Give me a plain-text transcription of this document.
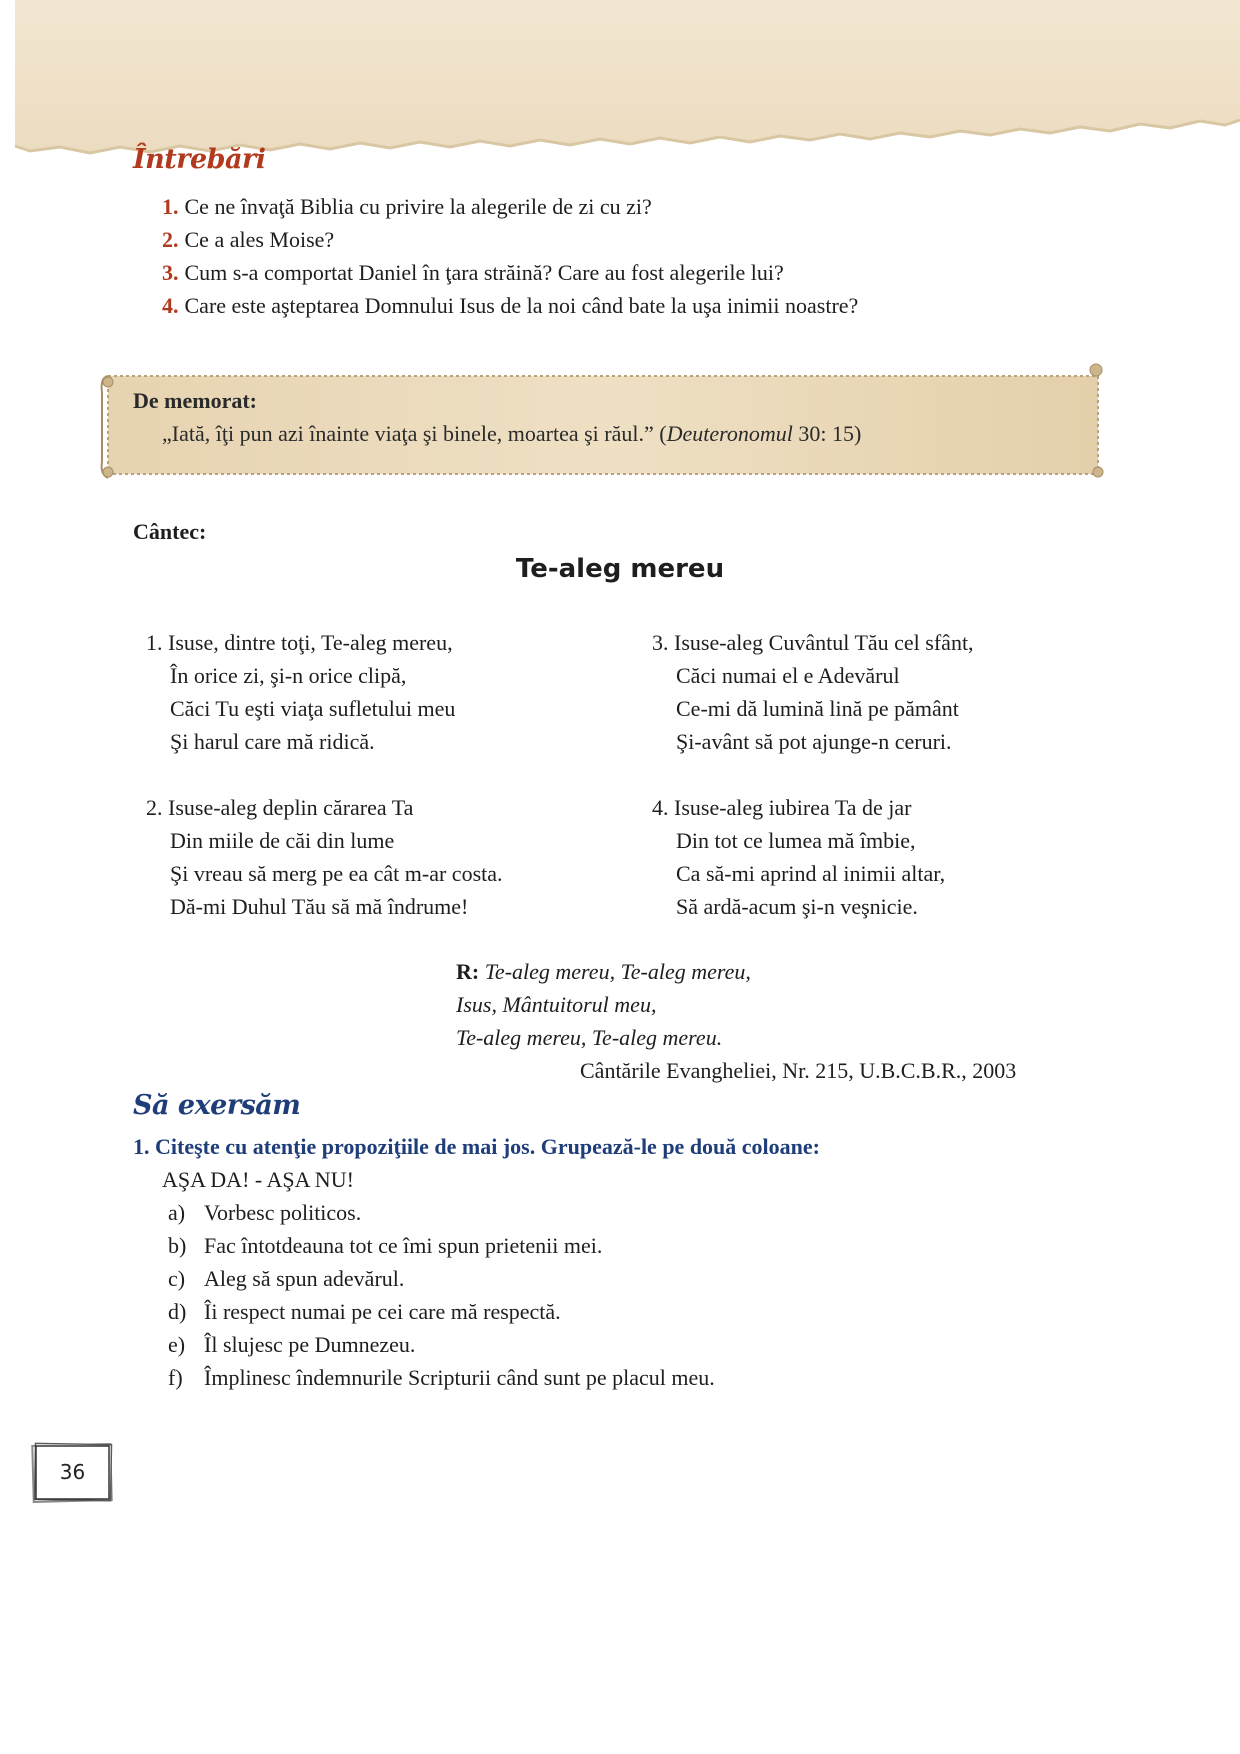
Întrebări
1. Ce ne învaţă Biblia cu privire la alegerile de zi cu zi?
2. Ce a ales Moise?
3. Cum s-a comportat Daniel în ţara străină? Care au fost alegerile lui?
4. Care este aşteptarea Domnului Isus de la noi când bate la uşa inimii noastre?
De memorat:
„Iată, îţi pun azi înainte viaţa şi binele, moartea şi răul.” (Deuteronomul 30: 15)
Cântec:
Te-aleg mereu
1. Isuse, dintre toţi, Te-aleg mereu,
În orice zi, şi-n orice clipă,
Căci Tu eşti viaţa sufletului meu
Şi harul care mă ridică.
2. Isuse-aleg deplin cărarea Ta
Din miile de căi din lume
Şi vreau să merg pe ea cât m-ar costa.
Dă-mi Duhul Tău să mă îndrume!
3. Isuse-aleg Cuvântul Tău cel sfânt,
Căci numai el e Adevărul
Ce-mi dă lumină lină pe pământ
Şi-avânt să pot ajunge-n ceruri.
4. Isuse-aleg iubirea Ta de jar
Din tot ce lumea mă îmbie,
Ca să-mi aprind al inimii altar,
Să ardă-acum şi-n veşnicie.
R: Te-aleg mereu, Te-aleg mereu,
Isus, Mântuitorul meu,
Te-aleg mereu, Te-aleg mereu.
Cântările Evangheliei, Nr. 215, U.B.C.B.R., 2003
Să exersăm
1. Citeşte cu atenţie propoziţiile de mai jos. Grupează-le pe două coloane:
AŞA DA! - AŞA NU!
a) Vorbesc politicos.
b) Fac întotdeauna tot ce îmi spun prietenii mei.
c) Aleg să spun adevărul.
d) Îi respect numai pe cei care mă respectă.
e) Îl slujesc pe Dumnezeu.
f) Împlinesc îndemnurile Scripturii când sunt pe placul meu.
36
